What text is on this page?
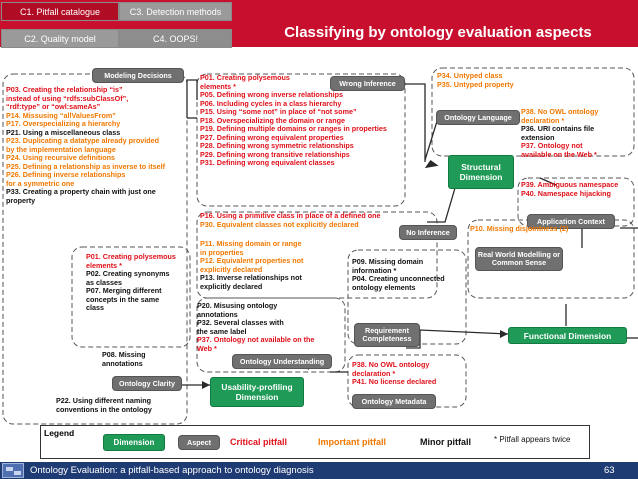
C1. Pitfall catalogue	C3. Detection methods
C2. Quality model	C4. OOPS!	Classifying by ontology evaluation aspects
Modeling Decisions
P03. Creating the relationship “is”
instead of using “rdfs:subClassOf”,
“rdf:type” or “owl:sameAs”
P14. Missusing “allValuesFrom”
P17. Overspecializing a hierarchy
P21. Using a miscellaneous class
P23. Duplicating a datatype already provided
by the implementation language
P24. Using recursive definitions
P25. Defining a relationship as inverse to itself
P26. Defining inverse relationships
for a symmetric one
P33. Creating a property chain with just one
property
Wrong Inference
P01. Creating polysemous
elements *
P05. Defining wrong inverse relationships
P06. Including cycles in a class hierarchy
P15. Using “some not” in place of “not some”
P18. Overspecializing the domain or range
P19. Defining multiple domains or ranges in properties
P27. Defining wrong equivalent properties
P28. Defining wrong symmetric relationships
P29. Defining wrong transitive relationships
P31. Defining wrong equivalent classes
P34. Untyped class
P35. Untyped property
Ontology Language
P38. No OWL ontology
declaration *
P36. URI contains file
extension
P37. Ontology not
available on the Web *
Structural Dimension
P39. Ambiguous namespace
P40. Namespace hijacking
Application Context
P16. Using a primitive class in place of a defined one
P30. Equivalent classes not explicitly declared
No Inference
P11. Missing domain or range
in properties
P12. Equivalent properties not
explicitly declared
P13. Inverse relationships not
explicitly declared
P10. Missing disjointness (2)
Real World Modelling or Common Sense
P09. Missing domain
information *
P04. Creating unconnected
ontology elements
Requirement Completeness	Functional Dimension
P01. Creating polysemous
elements *
P02. Creating synonyms
as classes
P07. Merging different
concepts in the same
class
P08. Missing
annotations
Ontology Clarity
P22. Using different naming
conventions in the ontology
P20. Misusing ontology
annotations
P32. Several classes with
the same label
P37. Ontology not available on the
Web *
Ontology Understanding
Usability-profiling Dimension
P38. No OWL ontology
declaration *
P41. No license declared
Ontology Metadata
Legend
Dimension	Aspect	Critical pitfall	Important pitfall	Minor pitfall	* Pitfall appears twice
Ontology Evaluation: a pitfall-based approach to ontology diagnosis	63
